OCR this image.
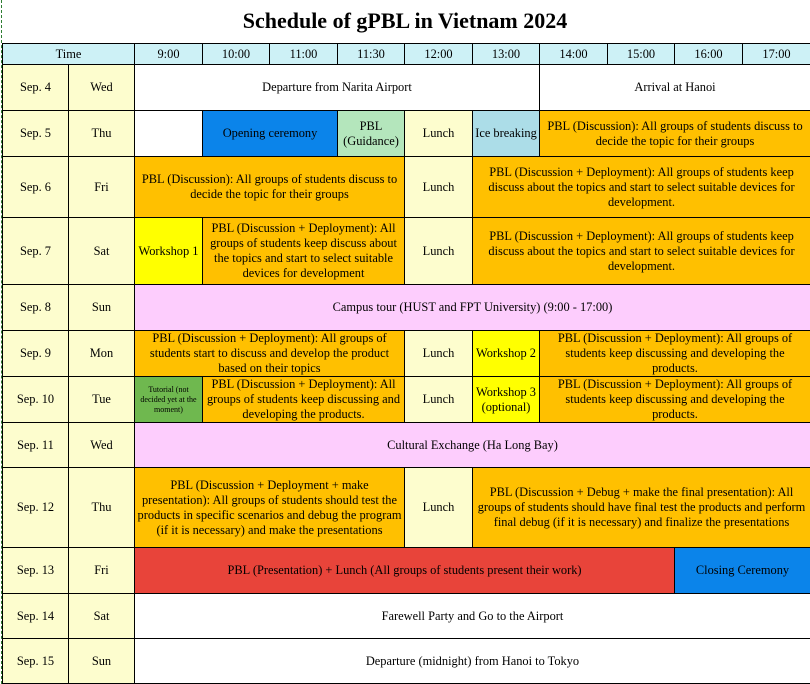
Schedule of gPBL in Vietnam 2024
Time		9:00	10:00	11:00	11:30	12:00	13:00	14:00	15:00	16:00	17:00
Sep. 4	Wed	Departure from Narita Airport						Arrival at Hanoi			
Sep. 5	Thu		Opening ceremony		PBL (Guidance)	Lunch	Ice breaking	PBL (Discussion): All groups of students discuss to decide the topic for their groups			
Sep. 6	Fri	PBL (Discussion): All groups of students discuss to decide the topic for their groups				Lunch	PBL (Discussion + Deployment): All groups of students keep discuss about the topics and start to select suitable devices for development.				
Sep. 7	Sat	Workshop 1	PBL (Discussion + Deployment): All groups of students keep discuss about the topics and start to select suitable devices for development			Lunch	PBL (Discussion + Deployment): All groups of students keep discuss about the topics and start to select suitable devices for development.				
Sep. 8	Sun	Campus tour (HUST and FPT University) (9:00 - 17:00)									
Sep. 9	Mon	PBL (Discussion + Deployment): All groups of students start to discuss and develop the product based on their topics				Lunch	Workshop 2	PBL (Discussion + Deployment): All groups of students keep discussing and developing the products.			
Sep. 10	Tue	Tutorial (not decided yet at the moment)	PBL (Discussion + Deployment): All groups of students keep discussing and developing the products.			Lunch	Workshop 3 (optional)	PBL (Discussion + Deployment): All groups of students keep discussing and developing the products.			
Sep. 11	Wed	Cultural Exchange (Ha Long Bay)									
Sep. 12	Thu	PBL (Discussion + Deployment + make presentation): All groups of students should test the products in specific scenarios and debug the program (if it is necessary) and make the presentations				Lunch	PBL (Discussion + Debug + make the final presentation): All groups of students should have final test the products and perform final debug (if it is necessary) and finalize the presentations				
Sep. 13	Fri	PBL (Presentation) + Lunch (All groups of students present their work)								Closing Ceremony	
Sep. 14	Sat	Farewell Party and Go to the Airport									
Sep. 15	Sun	Departure (midnight) from Hanoi to Tokyo									
